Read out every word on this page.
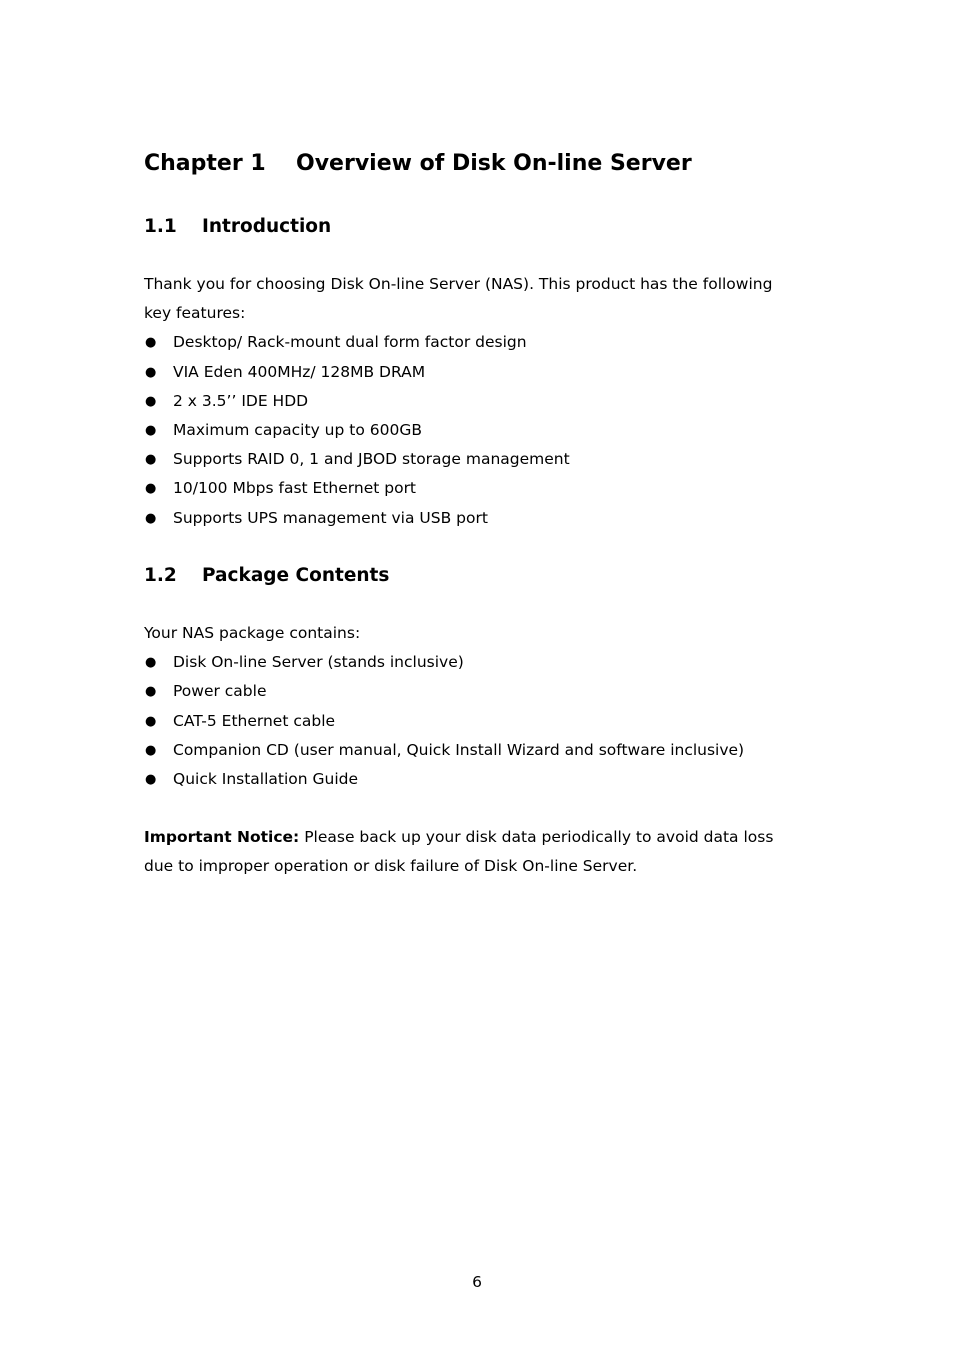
Chapter 1 Overview of Disk On-line Server
1.1 Introduction

Thank you for choosing Disk On-line Server (NAS). This product has the following

key features:

● Desktop/ Rack-mount dual form factor design
● VIA Eden 400MHz/ 128MB DRAM
● 2 x 3.5’’ IDE HDD
● Maximum capacity up to 600GB
● Supports RAID 0, 1 and JBOD storage management
● 10/100 Mbps fast Ethernet port
● Supports UPS management via USB port
1.2 Package Contents

Your NAS package contains:

● Disk On-line Server (stands inclusive)
● Power cable
● CAT-5 Ethernet cable
● Companion CD (user manual, Quick Install Wizard and software inclusive)
● Quick Installation Guide

Important Notice: Please back up your disk data periodically to avoid data loss

due to improper operation or disk failure of Disk On-line Server.

6
